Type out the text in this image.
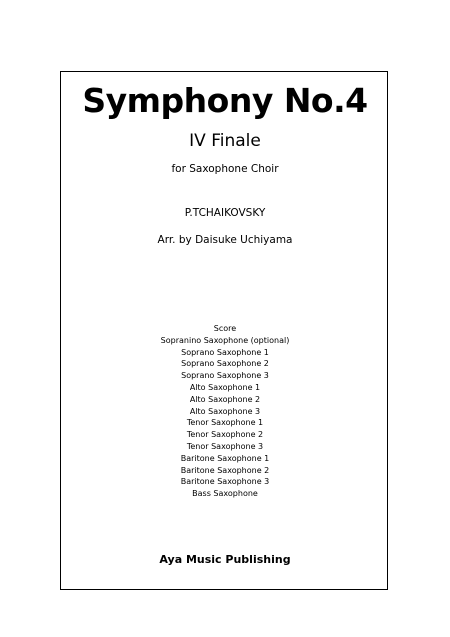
Symphony No.4
IV Finale
for Saxophone Choir
P.TCHAIKOVSKY
Arr. by Daisuke Uchiyama
Score
Sopranino Saxophone (optional)
Soprano Saxophone 1
Soprano Saxophone 2
Soprano Saxophone 3
Alto Saxophone 1
Alto Saxophone 2
Alto Saxophone 3
Tenor Saxophone 1
Tenor Saxophone 2
Tenor Saxophone 3
Baritone Saxophone 1
Baritone Saxophone 2
Baritone Saxophone 3
Bass Saxophone
Aya Music Publishing
